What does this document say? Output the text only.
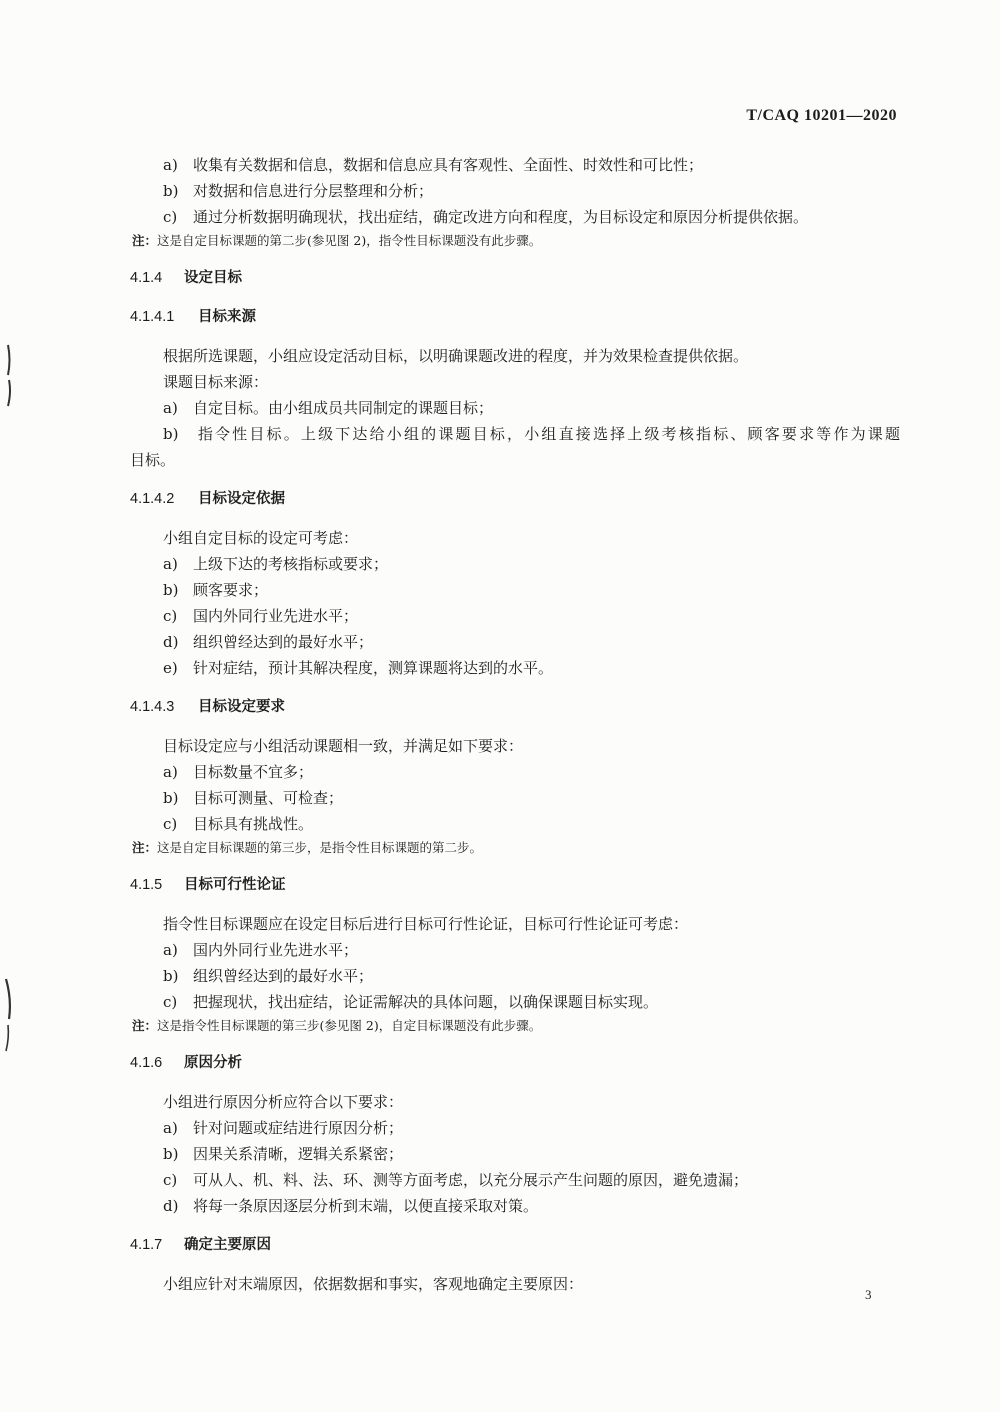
T/CAQ 10201—2020
a) 收集有关数据和信息，数据和信息应具有客观性、全面性、时效性和可比性；
b) 对数据和信息进行分层整理和分析；
c) 通过分析数据明确现状，找出症结，确定改进方向和程度，为目标设定和原因分析提供依据。
注：这是自定目标课题的第二步(参见图 2)，指令性目标课题没有此步骤。
4.1.4 设定目标
4.1.4.1 目标来源
根据所选课题，小组应设定活动目标，以明确课题改进的程度，并为效果检查提供依据。
课题目标来源：
a) 自定目标。由小组成员共同制定的课题目标；
b)　指令性目标。上级下达给小组的课题目标，小组直接选择上级考核指标、顾客要求等作为课题
目标。
4.1.4.2 目标设定依据
小组自定目标的设定可考虑：
a) 上级下达的考核指标或要求；
b) 顾客要求；
c) 国内外同行业先进水平；
d) 组织曾经达到的最好水平；
e) 针对症结，预计其解决程度，测算课题将达到的水平。
4.1.4.3 目标设定要求
目标设定应与小组活动课题相一致，并满足如下要求：
a) 目标数量不宜多；
b) 目标可测量、可检查；
c) 目标具有挑战性。
注：这是自定目标课题的第三步，是指令性目标课题的第二步。
4.1.5 目标可行性论证
指令性目标课题应在设定目标后进行目标可行性论证，目标可行性论证可考虑：
a) 国内外同行业先进水平；
b) 组织曾经达到的最好水平；
c) 把握现状，找出症结，论证需解决的具体问题，以确保课题目标实现。
注：这是指令性目标课题的第三步(参见图 2)，自定目标课题没有此步骤。
4.1.6 原因分析
小组进行原因分析应符合以下要求：
a) 针对问题或症结进行原因分析；
b) 因果关系清晰，逻辑关系紧密；
c) 可从人、机、料、法、环、测等方面考虑，以充分展示产生问题的原因，避免遗漏；
d) 将每一条原因逐层分析到末端，以便直接采取对策。
4.1.7 确定主要原因
小组应针对末端原因，依据数据和事实，客观地确定主要原因：
3
